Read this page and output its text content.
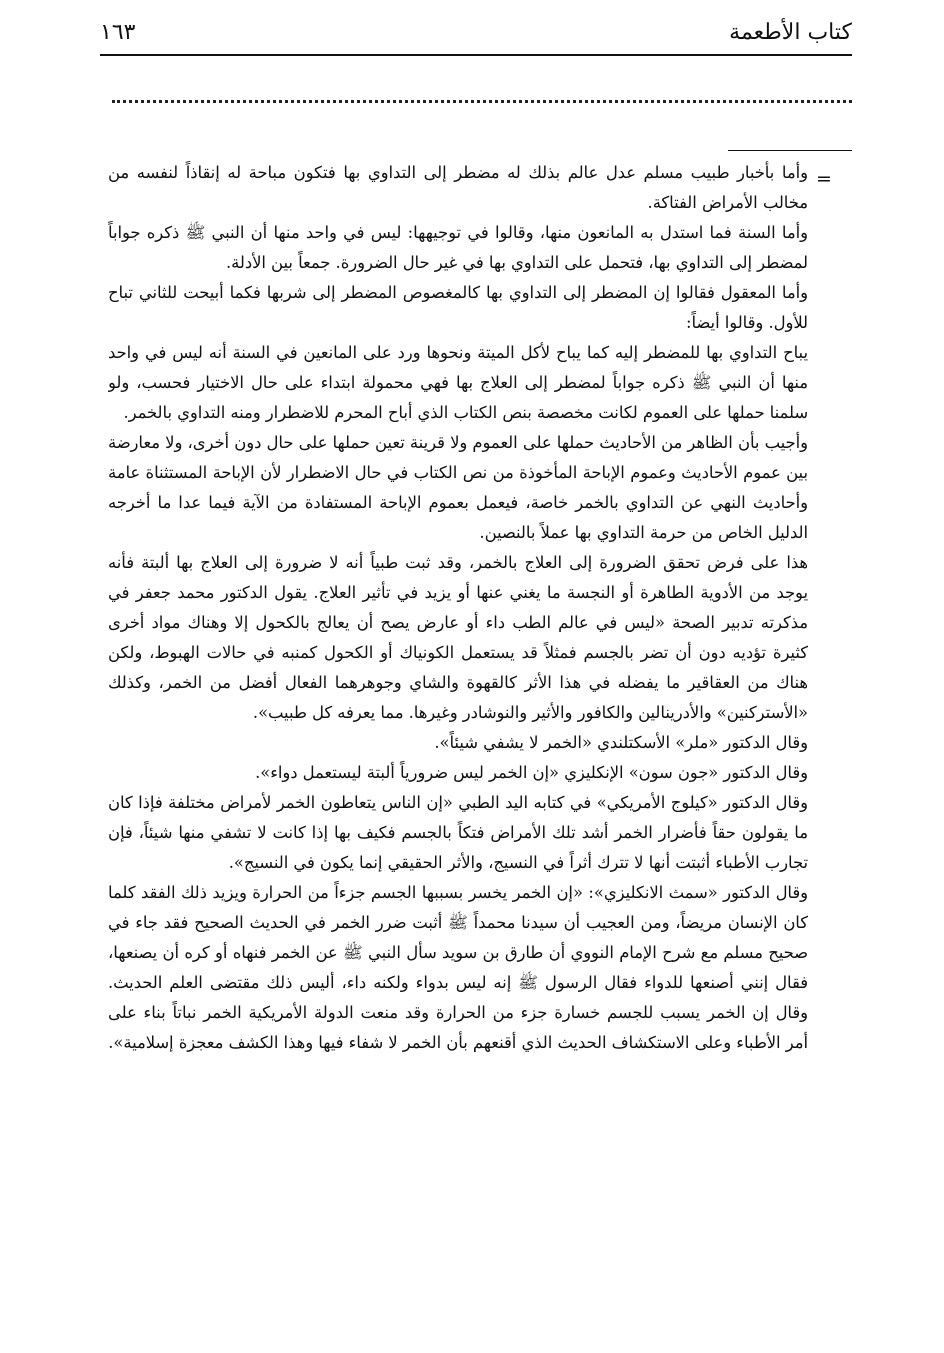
كتاب الأطعمة
١٦٣
=

وأما بأخبار طبيب مسلم عدل عالم بذلك له مضطر إلى التداوي بها فتكون مباحة له إنقاذاً لنفسه من مخالب الأمراض الفتاكة.

وأما السنة فما استدل به المانعون منها، وقالوا في توجيهها: ليس في واحد منها أن النبي ﷺ ذكره جواباً لمضطر إلى التداوي بها، فتحمل على التداوي بها في غير حال الضرورة. جمعاً بين الأدلة.

وأما المعقول فقالوا إن المضطر إلى التداوي بها كالمغصوص المضطر إلى شربها فكما أبيحت للثاني تباح للأول. وقالوا أيضاً:

يباح التداوي بها للمضطر إليه كما يباح لأكل الميتة ونحوها ورد على المانعين في السنة أنه ليس في واحد منها أن النبي ﷺ ذكره جواباً لمضطر إلى العلاج بها فهي محمولة ابتداء على حال الاختيار فحسب، ولو سلمنا حملها على العموم لكانت مخصصة بنص الكتاب الذي أباح المحرم للاضطرار ومنه التداوي بالخمر.

وأجيب بأن الظاهر من الأحاديث حملها على العموم ولا قرينة تعين حملها على حال دون أخرى، ولا معارضة بين عموم الأحاديث وعموم الإباحة المأخوذة من نص الكتاب في حال الاضطرار لأن الإباحة المستثناة عامة وأحاديث النهي عن التداوي بالخمر خاصة، فيعمل بعموم الإباحة المستفادة من الآية فيما عدا ما أخرجه الدليل الخاص من حرمة التداوي بها عملاً بالنصين.

هذا على فرض تحقق الضرورة إلى العلاج بالخمر، وقد ثبت طبياً أنه لا ضرورة إلى العلاج بها ألبتة فأنه يوجد من الأدوية الطاهرة أو النجسة ما يغني عنها أو يزيد في تأثير العلاج. يقول الدكتور محمد جعفر في مذكرته تدبير الصحة «ليس في عالم الطب داء أو عارض يصح أن يعالج بالكحول إلا وهناك مواد أخرى كثيرة تؤديه دون أن تضر بالجسم فمثلاً قد يستعمل الكونياك أو الكحول كمنبه في حالات الهبوط، ولكن هناك من العقاقير ما يفضله في هذا الأثر كالقهوة والشاي وجوهرهما الفعال أفضل من الخمر، وكذلك «الأستركنين» والأدرينالين والكافور والأثير والنوشادر وغيرها. مما يعرفه كل طبيب».

وقال الدكتور «ملر» الأسكتلندي «الخمر لا يشفي شيئاً».

وقال الدكتور «جون سون» الإنكليزي «إن الخمر ليس ضرورياً ألبتة ليستعمل دواء».

وقال الدكتور «كيلوج الأمريكي» في كتابه اليد الطبي «إن الناس يتعاطون الخمر لأمراض مختلفة فإذا كان ما يقولون حقاً فأضرار الخمر أشد تلك الأمراض فتكاً بالجسم فكيف بها إذا كانت لا تشفي منها شيئاً، فإن تجارب الأطباء أثبتت أنها لا تترك أثراً في النسيج، والأثر الحقيقي إنما يكون في النسيج».

وقال الدكتور «سمث الانكليزي»: «إن الخمر يخسر بسببها الجسم جزءاً من الحرارة ويزيد ذلك الفقد كلما كان الإنسان مريضاً، ومن العجيب أن سيدنا محمداً ﷺ أثبت ضرر الخمر في الحديث الصحيح فقد جاء في صحيح مسلم مع شرح الإمام النووي أن طارق بن سويد سأل النبي ﷺ عن الخمر فنهاه أو كره أن يصنعها، فقال إنني أصنعها للدواء فقال الرسول ﷺ إنه ليس بدواء ولكنه داء، أليس ذلك مقتضى العلم الحديث. وقال إن الخمر يسبب للجسم خسارة جزء من الحرارة وقد منعت الدولة الأمريكية الخمر نباتاً بناء على أمر الأطباء وعلى الاستكشاف الحديث الذي أقنعهم بأن الخمر لا شفاء فيها وهذا الكشف معجزة إسلامية».
